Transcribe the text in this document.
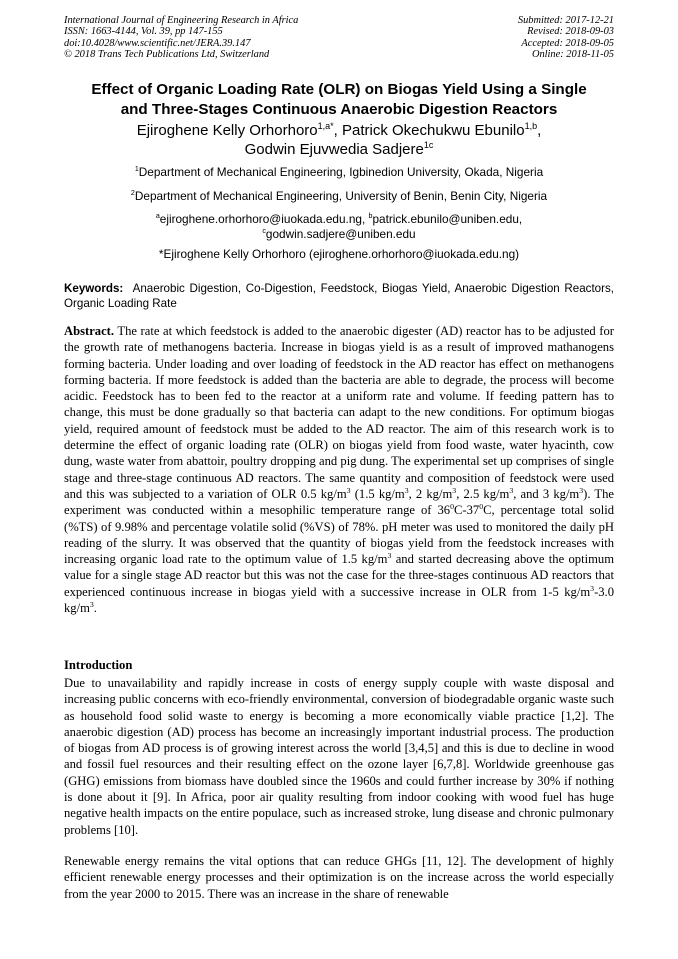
International Journal of Engineering Research in Africa
ISSN: 1663-4144, Vol. 39, pp 147-155
doi:10.4028/www.scientific.net/JERA.39.147
© 2018 Trans Tech Publications Ltd, Switzerland
Submitted: 2017-12-21
Revised: 2018-09-03
Accepted: 2018-09-05
Online: 2018-11-05
Effect of Organic Loading Rate (OLR) on Biogas Yield Using a Single
and Three-Stages Continuous Anaerobic Digestion Reactors
Ejiroghene Kelly Orhorhoro$^{1,a*}$, Patrick Okechukwu Ebunilo$^{1,b}$,
Godwin Ejuvwedia Sadjere$^{1c}$
$^1$Department of Mechanical Engineering, Igbinedion University, Okada, Nigeria
$^2$Department of Mechanical Engineering, University of Benin, Benin City, Nigeria
$^a$ejiroghene.orhorhoro@iuokada.edu.ng, $^b$patrick.ebunilo@uniben.edu,
$^c$godwin.sadjere@uniben.edu
*Ejiroghene Kelly Orhorhoro (ejiroghene.orhorhoro@iuokada.edu.ng)
Keywords: Anaerobic Digestion, Co-Digestion, Feedstock, Biogas Yield, Anaerobic Digestion Reactors, Organic Loading Rate
Abstract. The rate at which feedstock is added to the anaerobic digester (AD) reactor has to be adjusted for the growth rate of methanogens bacteria. Increase in biogas yield is as a result of improved mathanogens forming bacteria. Under loading and over loading of feedstock in the AD reactor has effect on methanogens forming bacteria. If more feedstock is added than the bacteria are able to degrade, the process will become acidic. Feedstock has to been fed to the reactor at a uniform rate and volume. If feeding pattern has to change, this must be done gradually so that bacteria can adapt to the new conditions. For optimum biogas yield, required amount of feedstock must be added to the AD reactor. The aim of this research work is to determine the effect of organic loading rate (OLR) on biogas yield from food waste, water hyacinth, cow dung, waste water from abattoir, poultry dropping and pig dung. The experimental set up comprises of single stage and three-stage continuous AD reactors. The same quantity and composition of feedstock were used and this was subjected to a variation of OLR 0.5 $kg/m^3$ (1.5 $kg/m^3$, 2 $kg/m^3$, 2.5 $kg/m^3$, and 3 $kg/m^3$). The experiment was conducted within a mesophilic temperature range of $36^0C-37^0C$, percentage total solid (%TS) of 9.98% and percentage volatile solid (%VS) of 78%. pH meter was used to monitored the daily pH reading of the slurry. It was observed that the quantity of biogas yield from the feedstock increases with increasing organic load rate to the optimum value of 1.5 $kg/m^3$ and started decreasing above the optimum value for a single stage AD reactor but this was not the case for the three-stages continuous AD reactors that experienced continuous increase in biogas yield with a successive increase in OLR from 1-5 $kg/m^3-3.0$ $kg/m^3$.
Introduction
Due to unavailability and rapidly increase in costs of energy supply couple with waste disposal and increasing public concerns with eco-friendly environmental, conversion of biodegradable organic waste such as household food solid waste to energy is becoming a more economically viable practice [1,2]. The anaerobic digestion (AD) process has become an increasingly important industrial process. The production of biogas from AD process is of growing interest across the world [3,4,5] and this is due to decline in wood and fossil fuel resources and their resulting effect on the ozone layer [6,7,8]. Worldwide greenhouse gas (GHG) emissions from biomass have doubled since the 1960s and could further increase by 30% if nothing is done about it [9]. In Africa, poor air quality resulting from indoor cooking with wood fuel has huge negative health impacts on the entire populace, such as increased stroke, lung disease and chronic pulmonary problems [10].
Renewable energy remains the vital options that can reduce GHGs [11, 12]. The development of highly efficient renewable energy processes and their optimization is on the increase across the world especially from the year 2000 to 2015. There was an increase in the share of renewable
